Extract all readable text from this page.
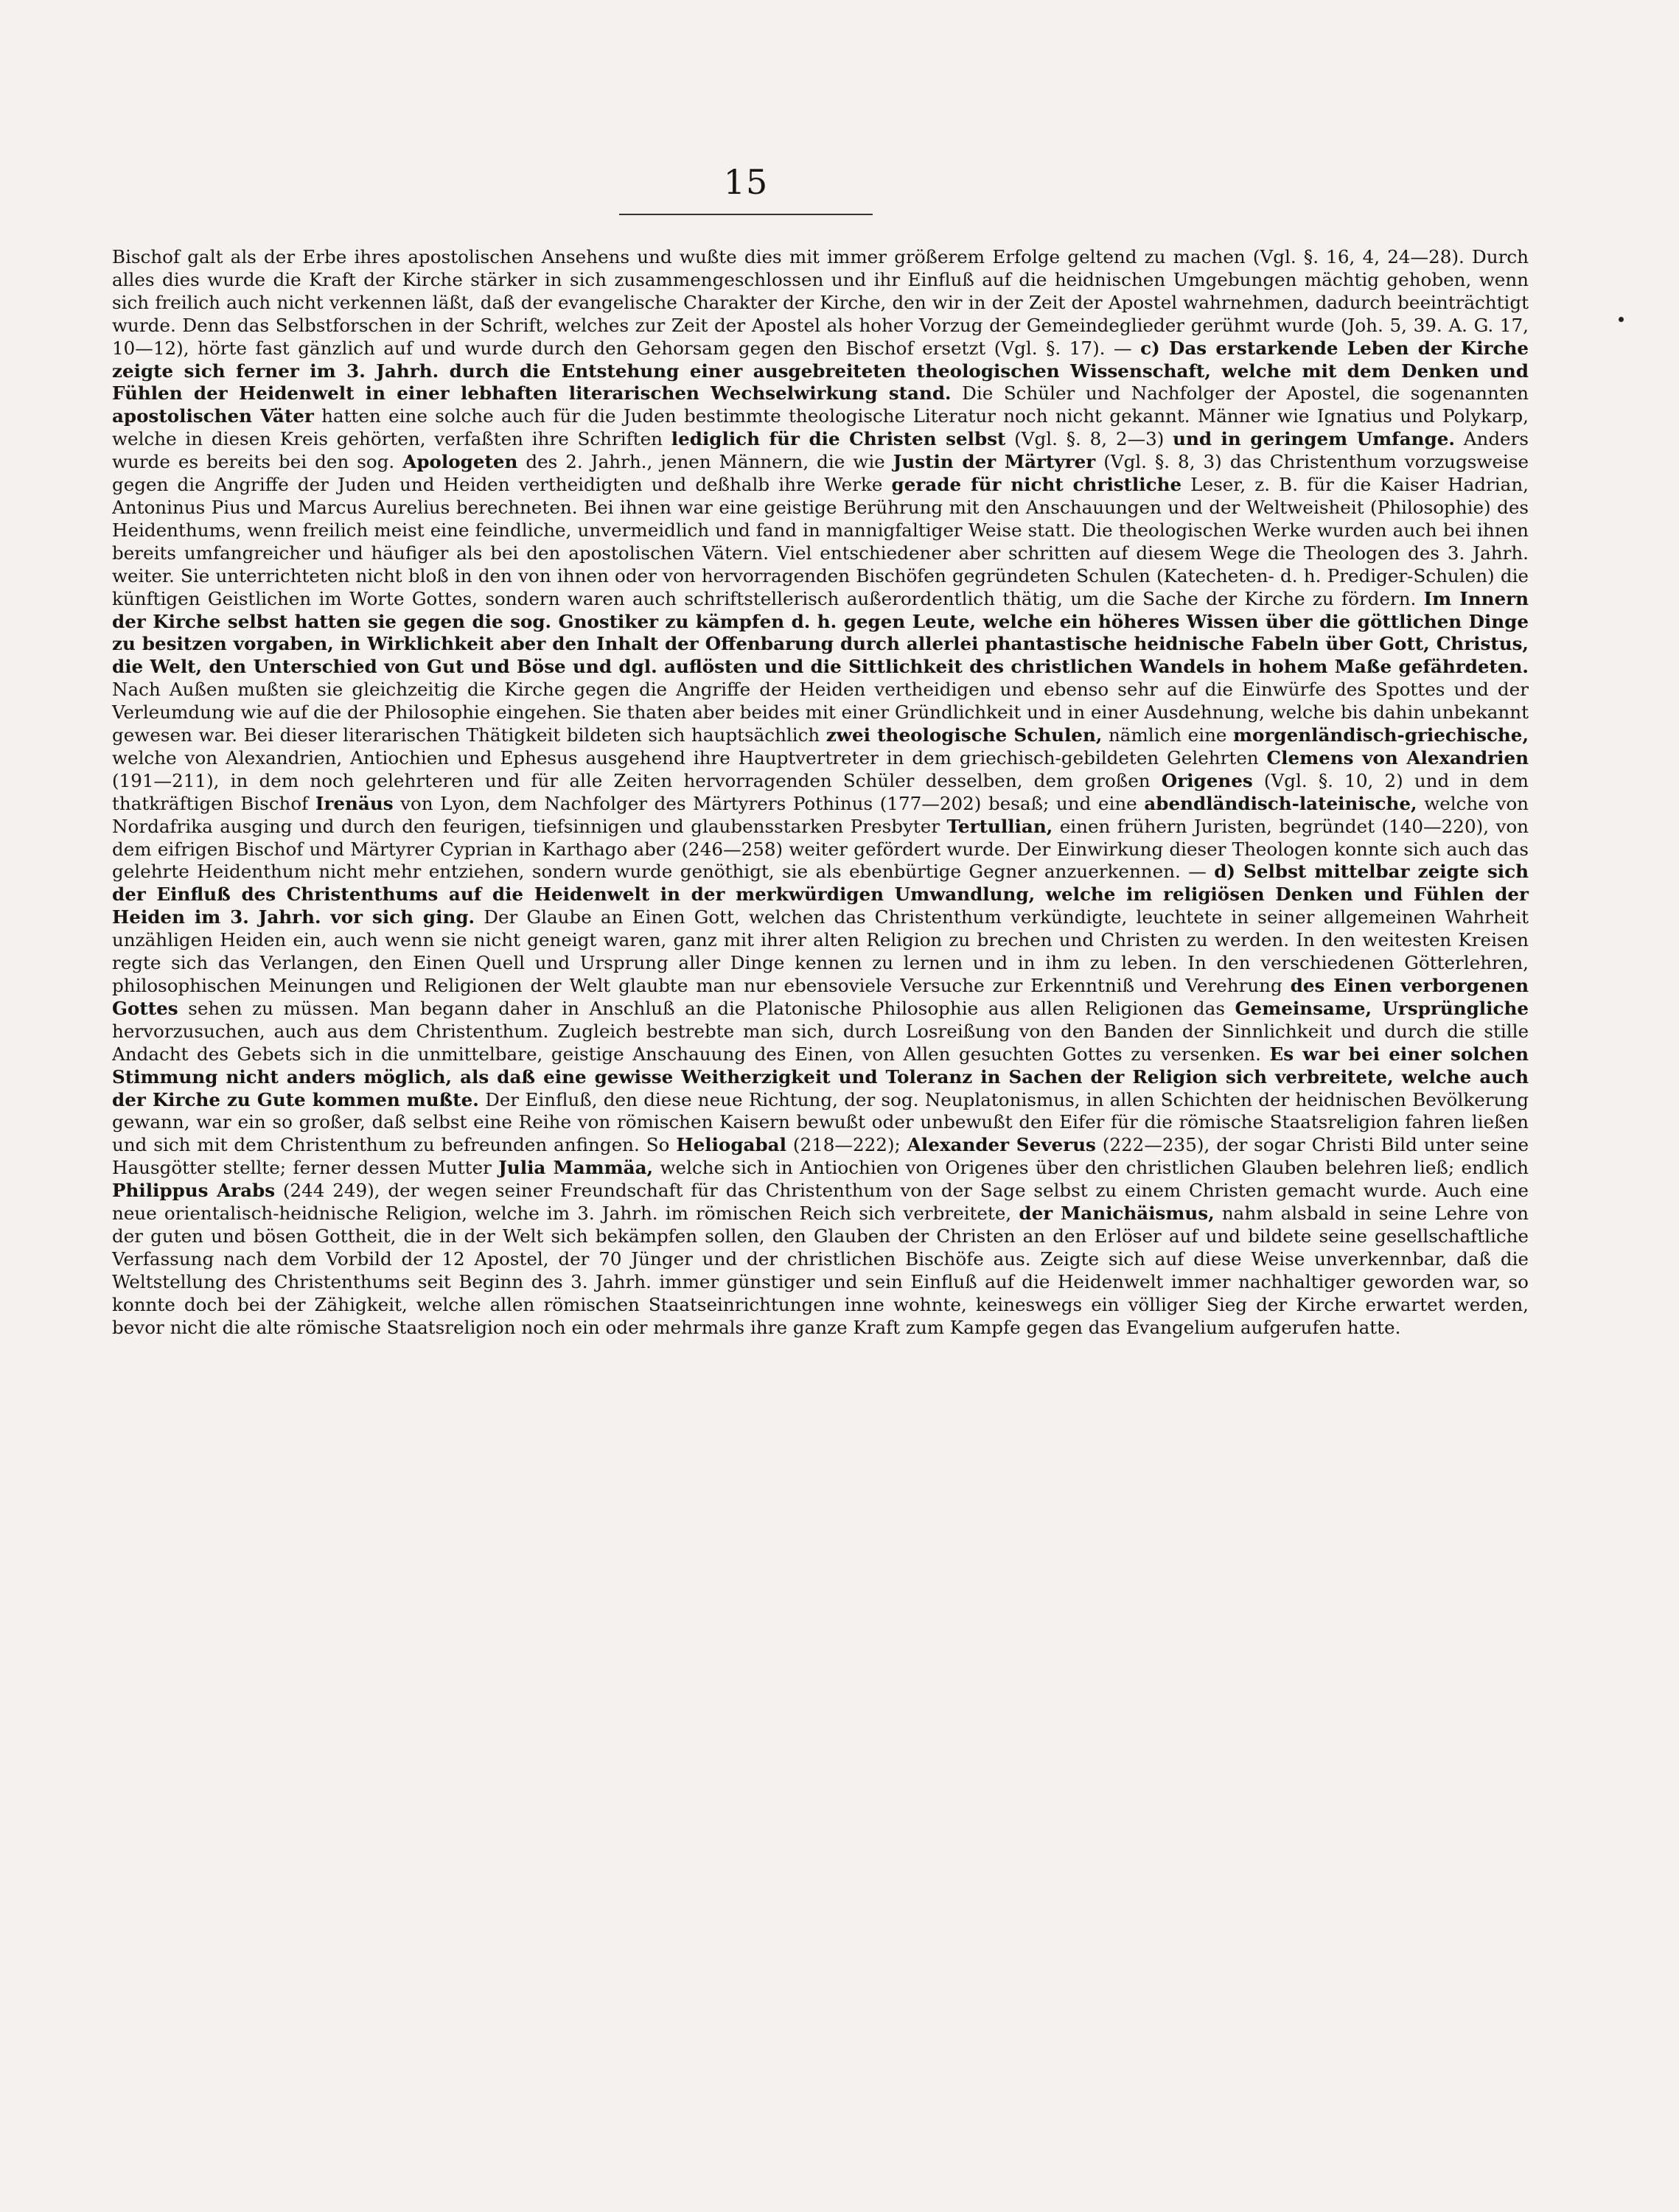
15
Bischof galt als der Erbe ihres apostolischen Ansehens und wußte dies mit immer größerem Erfolge geltend zu machen (Vgl. §. 16, 4, 24—28). Durch alles dies wurde die Kraft der Kirche stärker in sich zusammengeschlossen und ihr Einfluß auf die heidnischen Umgebungen mächtig gehoben, wenn sich freilich auch nicht verkennen läßt, daß der evangelische Charakter der Kirche, den wir in der Zeit der Apostel wahrnehmen, dadurch beeinträchtigt wurde. Denn das Selbstforschen in der Schrift, welches zur Zeit der Apostel als hoher Vorzug der Gemeindeglieder gerühmt wurde (Joh. 5, 39. A. G. 17, 10—12), hörte fast gänzlich auf und wurde durch den Gehorsam gegen den Bischof ersetzt (Vgl. §. 17). — c) Das erstarkende Leben der Kirche zeigte sich ferner im 3. Jahrh. durch die Entstehung einer ausgebreiteten theologischen Wissenschaft, welche mit dem Denken und Fühlen der Heidenwelt in einer lebhaften literarischen Wechselwirkung stand. Die Schüler und Nachfolger der Apostel, die sogenannten apostolischen Väter hatten eine solche auch für die Juden bestimmte theologische Literatur noch nicht gekannt. Männer wie Ignatius und Polykarp, welche in diesen Kreis gehörten, verfaßten ihre Schriften lediglich für die Christen selbst (Vgl. §. 8, 2—3) und in geringem Umfange. Anders wurde es bereits bei den sog. Apologeten des 2. Jahrh., jenen Männern, die wie Justin der Märtyrer (Vgl. §. 8, 3) das Christenthum vorzugsweise gegen die Angriffe der Juden und Heiden vertheidigten und deßhalb ihre Werke gerade für nicht christliche Leser, z. B. für die Kaiser Hadrian, Antoninus Pius und Marcus Aurelius berechneten. Bei ihnen war eine geistige Berührung mit den Anschauungen und der Weltweisheit (Philosophie) des Heidenthums, wenn freilich meist eine feindliche, unvermeidlich und fand in mannigfaltiger Weise statt. Die theologischen Werke wurden auch bei ihnen bereits umfangreicher und häufiger als bei den apostolischen Vätern. Viel entschiedener aber schritten auf diesem Wege die Theologen des 3. Jahrh. weiter. Sie unterrichteten nicht bloß in den von ihnen oder von hervorragenden Bischöfen gegründeten Schulen (Katecheten- d. h. Prediger-Schulen) die künftigen Geistlichen im Worte Gottes, sondern waren auch schriftstellerisch außerordentlich thätig, um die Sache der Kirche zu fördern. Im Innern der Kirche selbst hatten sie gegen die sog. Gnostiker zu kämpfen d. h. gegen Leute, welche ein höheres Wissen über die göttlichen Dinge zu besitzen vorgaben, in Wirklichkeit aber den Inhalt der Offenbarung durch allerlei phantastische heidnische Fabeln über Gott, Christus, die Welt, den Unterschied von Gut und Böse und dgl. auflösten und die Sittlichkeit des christlichen Wandels in hohem Maße gefährdeten. Nach Außen mußten sie gleichzeitig die Kirche gegen die Angriffe der Heiden vertheidigen und ebenso sehr auf die Einwürfe des Spottes und der Verleumdung wie auf die der Philosophie eingehen. Sie thaten aber beides mit einer Gründlichkeit und in einer Ausdehnung, welche bis dahin unbekannt gewesen war. Bei dieser literarischen Thätigkeit bildeten sich hauptsächlich zwei theologische Schulen, nämlich eine morgenländisch-griechische, welche von Alexandrien, Antiochien und Ephesus ausgehend ihre Hauptvertreter in dem griechisch-gebildeten Gelehrten Clemens von Alexandrien (191—211), in dem noch gelehrteren und für alle Zeiten hervorragenden Schüler desselben, dem großen Origenes (Vgl. §. 10, 2) und in dem thatkräftigen Bischof Irenäus von Lyon, dem Nachfolger des Märtyrers Pothinus (177—202) besaß; und eine abendländisch-lateinische, welche von Nordafrika ausging und durch den feurigen, tiefsinnigen und glaubensstarken Presbyter Tertullian, einen frühern Juristen, begründet (140—220), von dem eifrigen Bischof und Märtyrer Cyprian in Karthago aber (246—258) weiter gefördert wurde. Der Einwirkung dieser Theologen konnte sich auch das gelehrte Heidenthum nicht mehr entziehen, sondern wurde genöthigt, sie als ebenbürtige Gegner anzuerkennen. — d) Selbst mittelbar zeigte sich der Einfluß des Christenthums auf die Heidenwelt in der merkwürdigen Umwandlung, welche im religiösen Denken und Fühlen der Heiden im 3. Jahrh. vor sich ging. Der Glaube an Einen Gott, welchen das Christenthum verkündigte, leuchtete in seiner allgemeinen Wahrheit unzähligen Heiden ein, auch wenn sie nicht geneigt waren, ganz mit ihrer alten Religion zu brechen und Christen zu werden. In den weitesten Kreisen regte sich das Verlangen, den Einen Quell und Ursprung aller Dinge kennen zu lernen und in ihm zu leben. In den verschiedenen Götterlehren, philosophischen Meinungen und Religionen der Welt glaubte man nur ebensoviele Versuche zur Erkenntniß und Verehrung des Einen verborgenen Gottes sehen zu müssen. Man begann daher in Anschluß an die Platonische Philosophie aus allen Religionen das Gemeinsame, Ursprüngliche hervorzusuchen, auch aus dem Christenthum. Zugleich bestrebte man sich, durch Losreißung von den Banden der Sinnlichkeit und durch die stille Andacht des Gebets sich in die unmittelbare, geistige Anschauung des Einen, von Allen gesuchten Gottes zu versenken. Es war bei einer solchen Stimmung nicht anders möglich, als daß eine gewisse Weitherzigkeit und Toleranz in Sachen der Religion sich verbreitete, welche auch der Kirche zu Gute kommen mußte. Der Einfluß, den diese neue Richtung, der sog. Neuplatonismus, in allen Schichten der heidnischen Bevölkerung gewann, war ein so großer, daß selbst eine Reihe von römischen Kaisern bewußt oder unbewußt den Eifer für die römische Staatsreligion fahren ließen und sich mit dem Christenthum zu befreunden anfingen. So Heliogabal (218—222); Alexander Severus (222—235), der sogar Christi Bild unter seine Hausgötter stellte; ferner dessen Mutter Julia Mammäa, welche sich in Antiochien von Origenes über den christlichen Glauben belehren ließ; endlich Philippus Arabs (244 249), der wegen seiner Freundschaft für das Christenthum von der Sage selbst zu einem Christen gemacht wurde. Auch eine neue orientalisch-heidnische Religion, welche im 3. Jahrh. im römischen Reich sich verbreitete, der Manichäismus, nahm alsbald in seine Lehre von der guten und bösen Gottheit, die in der Welt sich bekämpfen sollen, den Glauben der Christen an den Erlöser auf und bildete seine gesellschaftliche Verfassung nach dem Vorbild der 12 Apostel, der 70 Jünger und der christlichen Bischöfe aus. Zeigte sich auf diese Weise unverkennbar, daß die Weltstellung des Christenthums seit Beginn des 3. Jahrh. immer günstiger und sein Einfluß auf die Heidenwelt immer nachhaltiger geworden war, so konnte doch bei der Zähigkeit, welche allen römischen Staatseinrichtungen inne wohnte, keineswegs ein völliger Sieg der Kirche erwartet werden, bevor nicht die alte römische Staatsreligion noch ein oder mehrmals ihre ganze Kraft zum Kampfe gegen das Evangelium aufgerufen hatte.
